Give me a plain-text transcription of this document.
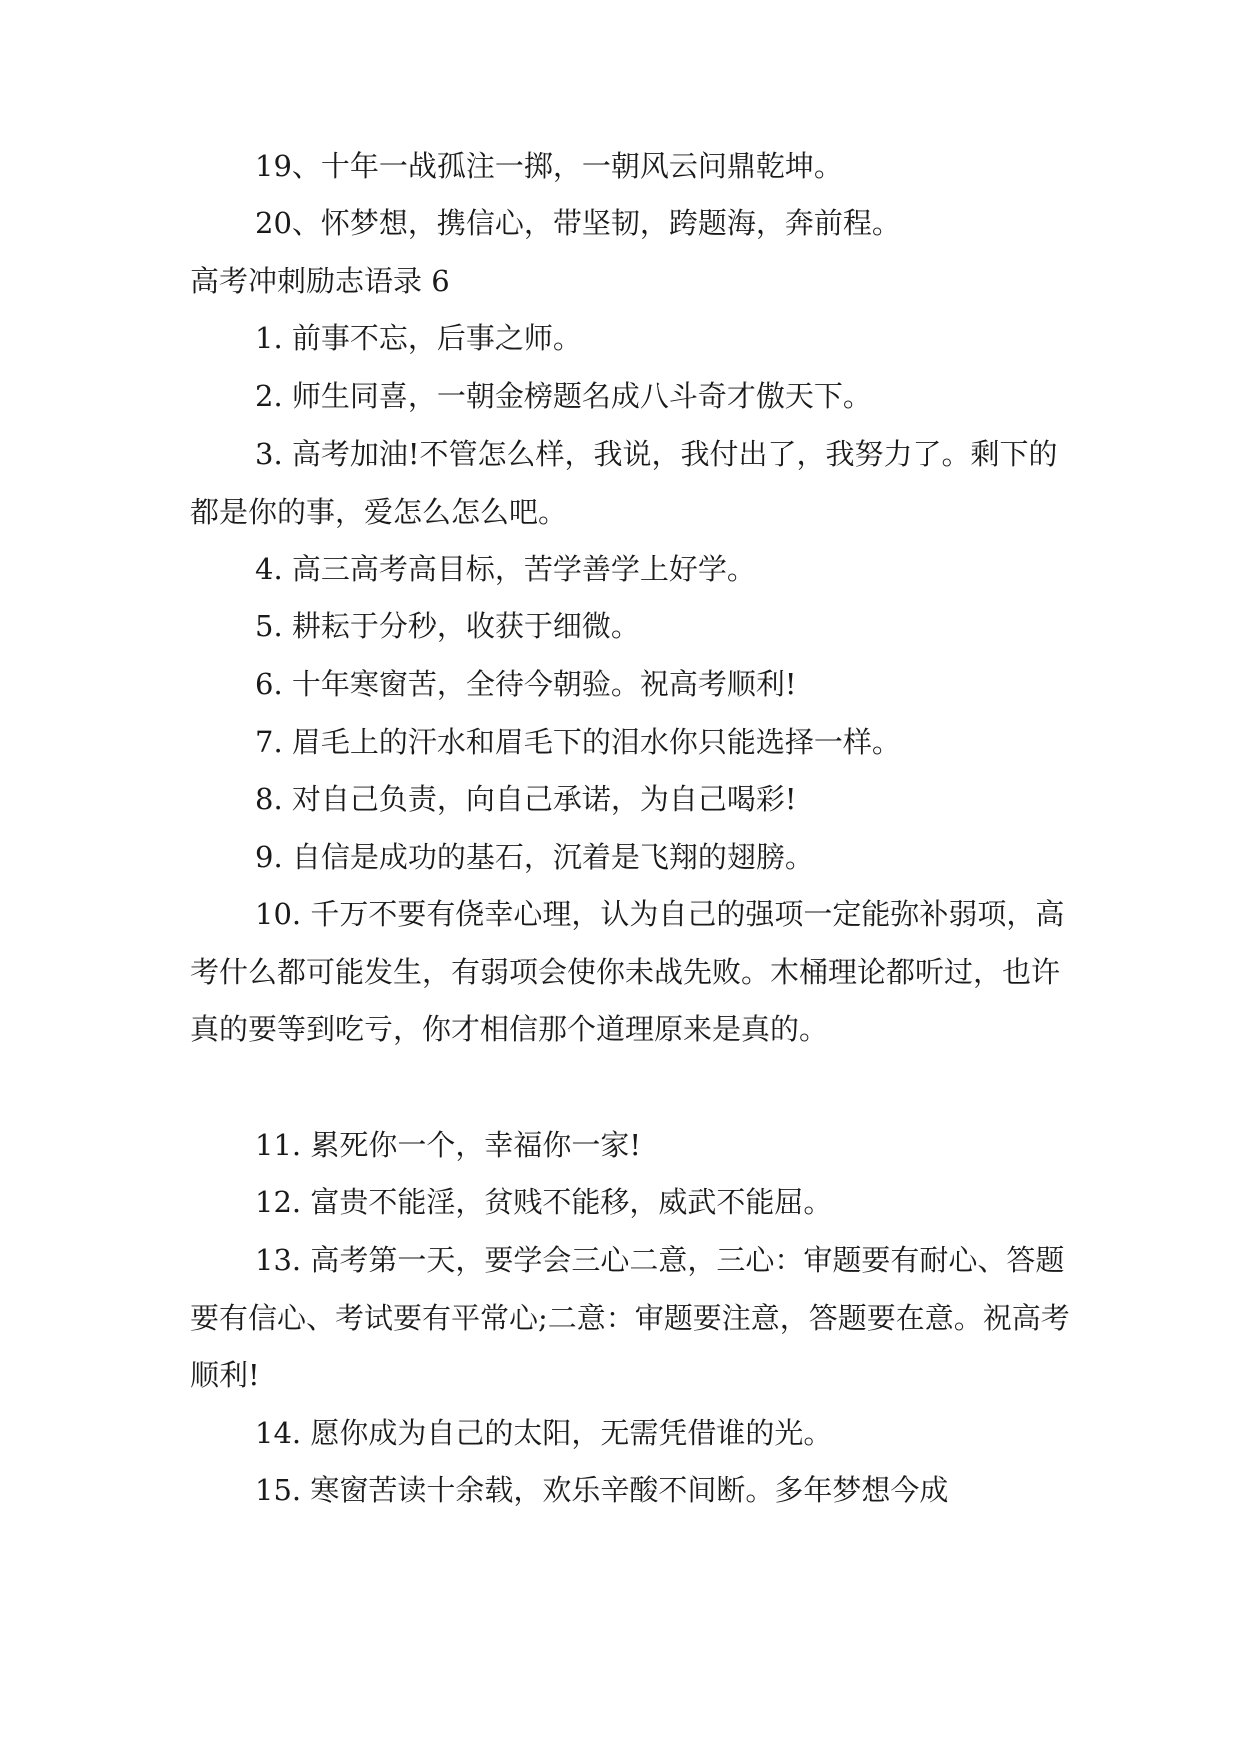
19、十年一战孤注一掷，一朝风云问鼎乾坤。

20、怀梦想，携信心，带坚韧，跨题海，奔前程。

高考冲刺励志语录 6

1. 前事不忘，后事之师。

2. 师生同喜，一朝金榜题名成八斗奇才傲天下。

3. 高考加油!不管怎么样，我说，我付出了，我努力了。剩下的都是你的事，爱怎么怎么吧。

4. 高三高考高目标，苦学善学上好学。

5. 耕耘于分秒，收获于细微。

6. 十年寒窗苦，全待今朝验。祝高考顺利!

7. 眉毛上的汗水和眉毛下的泪水你只能选择一样。

8. 对自己负责，向自己承诺，为自己喝彩!

9. 自信是成功的基石，沉着是飞翔的翅膀。

10. 千万不要有侥幸心理，认为自己的强项一定能弥补弱项，高考什么都可能发生，有弱项会使你未战先败。木桶理论都听过，也许真的要等到吃亏，你才相信那个道理原来是真的。

11. 累死你一个，幸福你一家!

12. 富贵不能淫，贫贱不能移，威武不能屈。

13. 高考第一天，要学会三心二意，三心：审题要有耐心、答题要有信心、考试要有平常心;二意：审题要注意，答题要在意。祝高考顺利!

14. 愿你成为自己的太阳，无需凭借谁的光。

15. 寒窗苦读十余载，欢乐辛酸不间断。多年梦想今成
